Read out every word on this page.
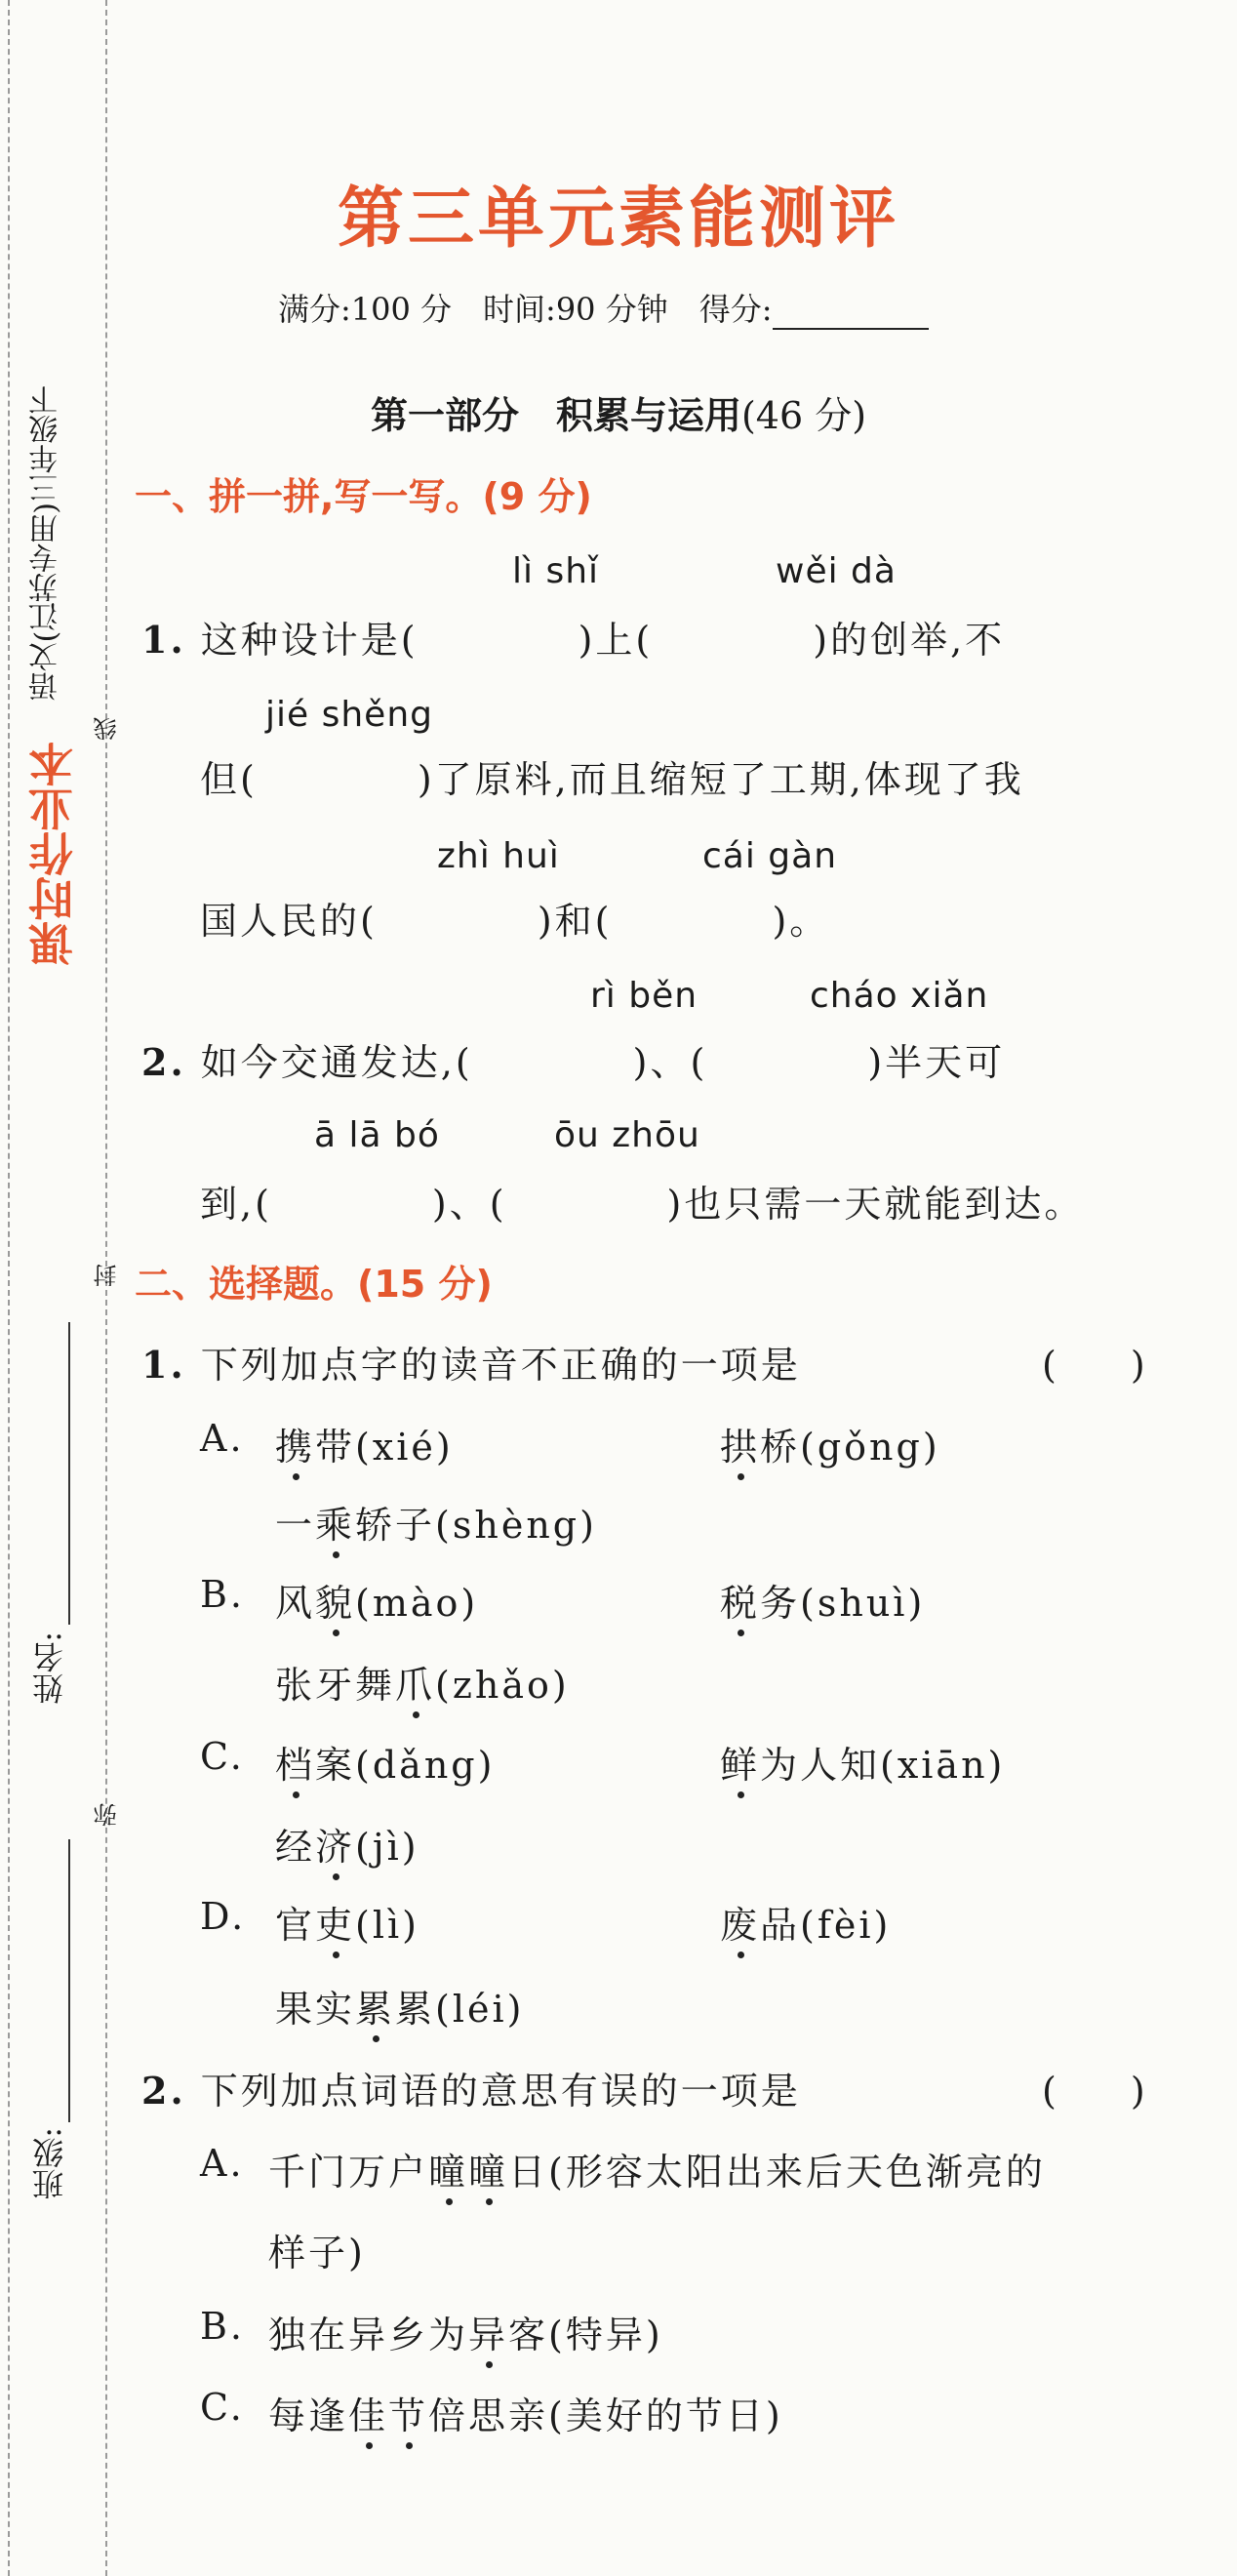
课时作业本
语文(江苏专用)三年级下
线
封
弥
姓名:
班级:
第三单元素能测评
满分:100 分　时间:90 分钟　得分:
第一部分　积累与运用(46 分)
一、拼一拼,写一写。(9 分)
lì shǐ	wěi dà
1. 这种设计是(　　　　)上(　　　　)的创举,不
jié shěng
但(　　　　)了原料,而且缩短了工期,体现了我
zhì huì	cái gàn
国人民的(　　　　)和(　　　　)。
rì běn	cháo xiǎn
2. 如今交通发达,(　　　　)、(　　　　)半天可
ā lā bó	ōu zhōu
到,(　　　　)、(　　　　)也只需一天就能到达。
二、选择题。(15 分)
1. 下列加点字的读音不正确的一项是	(　　)
A. 携带(xié)	拱桥(gǒng)
一乘轿子(shèng)
B. 风貌(mào)	税务(shuì)
张牙舞爪(zhǎo)
C. 档案(dǎng)	鲜为人知(xiān)
经济(jì)
D. 官吏(lì)	废品(fèi)
果实累累(léi)
2. 下列加点词语的意思有误的一项是	(　　)
A. 千门万户曈曈日(形容太阳出来后天色渐亮的
样子)
B. 独在异乡为异客(特异)
C. 每逢佳节倍思亲(美好的节日)
